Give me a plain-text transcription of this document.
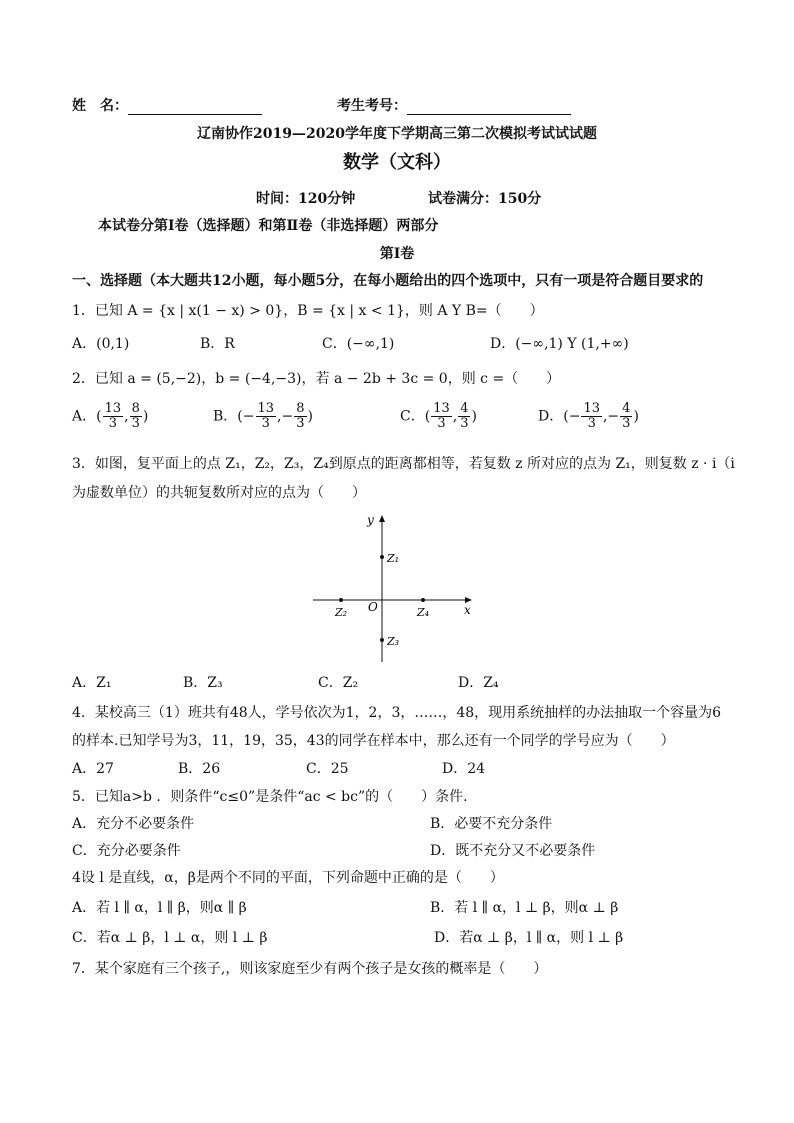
姓　名：	考生考号：
辽南协作2019—2020学年度下学期高三第二次模拟考试试试题
数学（文科）
时间：120分钟	试卷满分：150分
本试卷分第Ⅰ卷（选择题）和第Ⅱ卷（非选择题）两部分
第Ⅰ卷
一、选择题（本大题共12小题，每小题5分，在每小题给出的四个选项中，只有一项是符合题目要求的
1．已知 A = {x | x(1 − x) > 0}，B = {x | x < 1}，则 A Y B=（　　）
A．(0,1)	B．R	C．(−∞,1)	D．(−∞,1) Y (1,+∞)
2．已知 a = (5,−2)，b = (−4,−3)，若 a − 2b + 3c = 0，则 c =（　　）
A．( $\frac{13}{3}$ , $\frac{8}{3}$ )	B．(− $\frac{13}{3}$ ,− $\frac{8}{3}$ )	C．( $\frac{13}{3}$ , $\frac{4}{3}$ )	D．(− $\frac{13}{3}$ ,− $\frac{4}{3}$ )
3．如图，复平面上的点 Z₁，Z₂，Z₃，Z₄到原点的距离都相等，若复数 z 所对应的点为 Z₁，则复数 z · i（i
为虚数单位）的共轭复数所对应的点为（　　）
y
x
O
Z₁
Z₂
Z₃
Z₄
A．Z₁	B．Z₃	C．Z₂	D．Z₄
4．某校高三（1）班共有48人，学号依次为1，2，3，……，48，现用系统抽样的办法抽取一个容量为6
的样本.已知学号为3，11，19，35，43的同学在样本中，那么还有一个同学的学号应为（　　）
A．27	B．26	C．25	D．24
5．已知a>b ．则条件“c≤0”是条件“ac < bc”的（　　）条件.
A．充分不必要条件	B．必要不充分条件
C．充分必要条件	D．既不充分又不必要条件
4设 l 是直线，α，β是两个不同的平面，下列命题中正确的是（　　）
A．若 l ∥ α，l ∥ β，则α ∥ β	B．若 l ∥ α，l ⊥ β，则α ⊥ β
C．若α ⊥ β，l ⊥ α，则 l ⊥ β	D．若α ⊥ β，l ∥ α，则 l ⊥ β
7．某个家庭有三个孩子,，则该家庭至少有两个孩子是女孩的概率是（　　）
